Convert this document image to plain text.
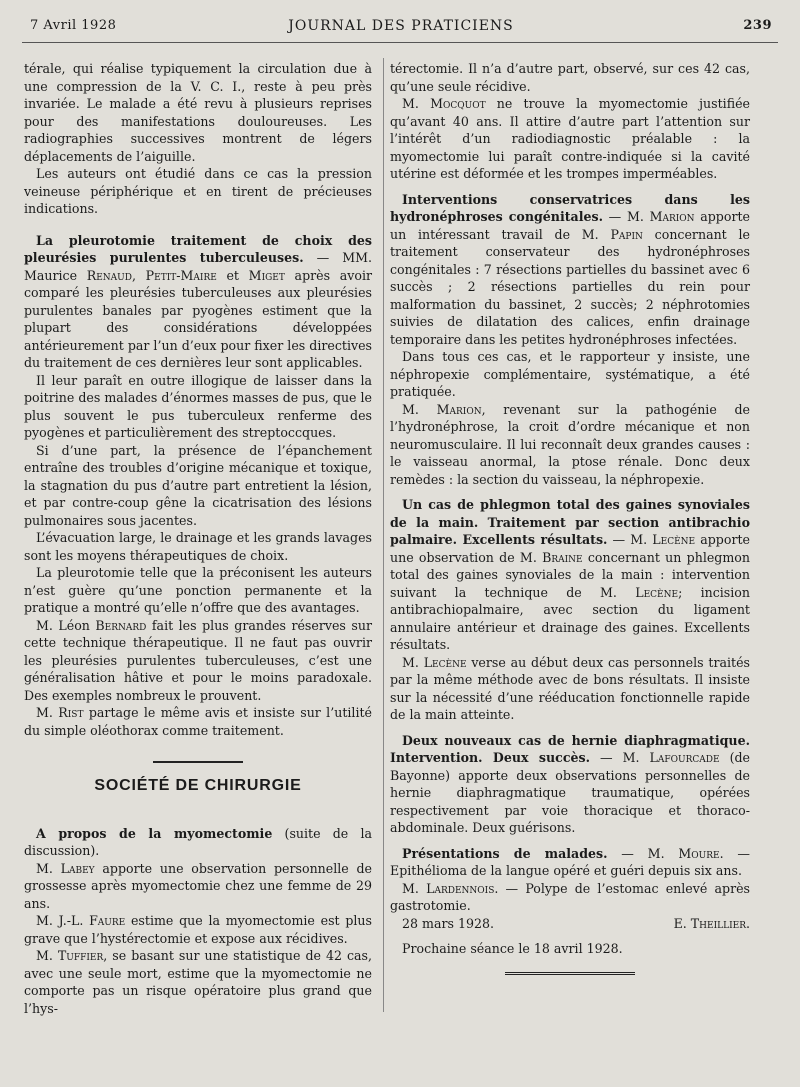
7 Avril 1928	JOURNAL DES PRATICIENS	239

térale, qui réalise typiquement la circulation due à une compression de la V. C. I., reste à peu près invariée. Le malade a été revu à plusieurs reprises pour des manifestations douloureuses. Les radiographies successives montrent de légers déplacements de l’aiguille.

Les auteurs ont étudié dans ce cas la pression veineuse périphérique et en tirent de précieuses indications.

La pleurotomie traitement de choix des pleurésies purulentes tuberculeuses. — MM. Maurice Renaud, Petit-Maire et Miget après avoir comparé les pleurésies tuberculeuses aux pleurésies purulentes banales par pyogènes estiment que la plupart des considérations développées antérieurement par l’un d’eux pour fixer les directives du traitement de ces dernières leur sont applicables.

Il leur paraît en outre illogique de laisser dans la poitrine des malades d’énormes masses de pus, que le plus souvent le pus tuberculeux renferme des pyogènes et particulièrement des streptoccques.

Si d’une part, la présence de l’épanchement entraîne des troubles d’origine mécanique et toxique, la stagnation du pus d’autre part entretient la lésion, et par contre-coup gêne la cicatrisation des lésions pulmonaires sous jacentes.

L’évacuation large, le drainage et les grands lavages sont les moyens thérapeutiques de choix.

La pleurotomie telle que la préconisent les auteurs n’est guère qu’une ponction permanente et la pratique a montré qu’elle n’offre que des avantages.

M. Léon Bernard fait les plus grandes réserves sur cette technique thérapeutique. Il ne faut pas ouvrir les pleurésies purulentes tuberculeuses, c’est une généralisation hâtive et pour le moins paradoxale. Des exemples nombreux le prouvent.

M. Rist partage le même avis et insiste sur l’utilité du simple oléothorax comme traitement.

SOCIÉTÉ DE CHIRURGIE

A propos de la myomectomie (suite de la discussion).

M. Labey apporte une observation personnelle de grossesse après myomectomie chez une femme de 29 ans.

M. J.-L. Faure estime que la myomectomie est plus grave que l’hystérectomie et expose aux récidives.

M. Tuffier, se basant sur une statistique de 42 cas, avec une seule mort, estime que la myomectomie ne comporte pas un risque opératoire plus grand que l’hys-

térectomie. Il n’a d’autre part, observé, sur ces 42 cas, qu’une seule récidive.

M. Mocquot ne trouve la myomectomie justifiée qu’avant 40 ans. Il attire d’autre part l’attention sur l’intérêt d’un radiodiagnostic préalable : la myomectomie lui paraît contre-indiquée si la cavité utérine est déformée et les trompes imperméables.

Interventions conservatrices dans les hydronéphroses congénitales. — M. Marion apporte un intéressant travail de M. Papin concernant le traitement conservateur des hydronéphroses congénitales : 7 résections partielles du bassinet avec 6 succès ; 2 résections partielles du rein pour malformation du bassinet, 2 succès; 2 néphrotomies suivies de dilatation des calices, enfin drainage temporaire dans les petites hydronéphroses infectées.

Dans tous ces cas, et le rapporteur y insiste, une néphropexie complémentaire, systématique, a été pratiquée.

M. Marion, revenant sur la pathogénie de l’hydronéphrose, la croit d’ordre mécanique et non neuromusculaire. Il lui reconnaît deux grandes causes : le vaisseau anormal, la ptose rénale. Donc deux remèdes : la section du vaisseau, la néphropexie.

Un cas de phlegmon total des gaines synoviales de la main. Traitement par section antibrachio palmaire. Excellents résultats. — M. Lecène apporte une observation de M. Braine concernant un phlegmon total des gaines synoviales de la main : intervention suivant la technique de M. Lecène; incision antibrachiopalmaire, avec section du ligament annulaire antérieur et drainage des gaines. Excellents résultats.

M. Lecène verse au début deux cas personnels traités par la même méthode avec de bons résultats. Il insiste sur la nécessité d’une rééducation fonctionnelle rapide de la main atteinte.

Deux nouveaux cas de hernie diaphragmatique. Intervention. Deux succès. — M. Lafourcade (de Bayonne) apporte deux observations personnelles de hernie diaphragmatique traumatique, opérées respectivement par voie thoracique et thoraco-abdominale. Deux guérisons.

Présentations de malades. — M. Moure. — Epithélioma de la langue opéré et guéri depuis six ans.

M. Lardennois. — Polype de l’estomac enlevé après gastrotomie.

28 mars 1928.	E. Theillier.

Prochaine séance le 18 avril 1928.
